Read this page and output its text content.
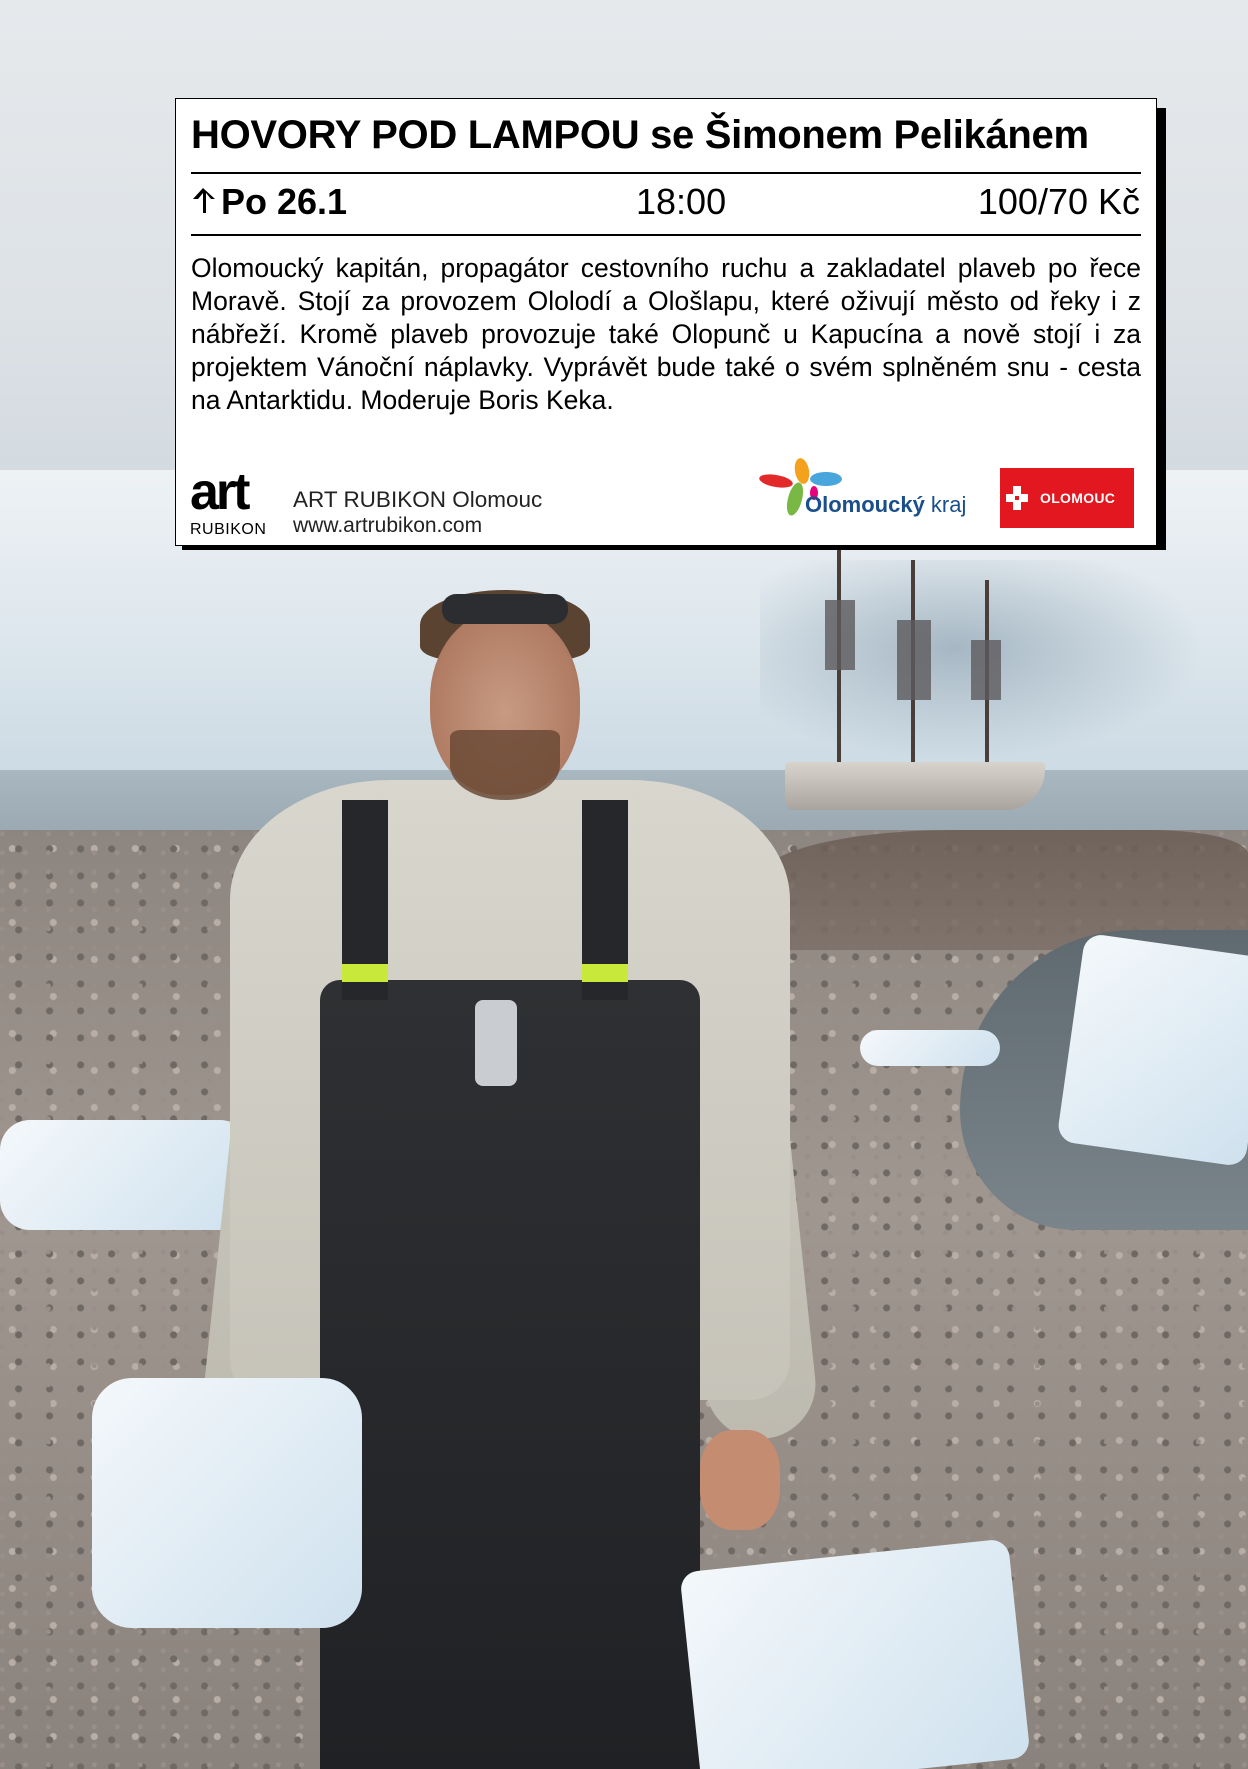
HOVORY POD LAMPOU se Šimonem Pelikánem
Po 26.1	18:00	100/70 Kč
Olomoucký kapitán, propagátor cestovního ruchu a zakladatel plaveb po řece Moravě. Stojí za provozem Ololodí a Ološlapu, které oživují město od řeky i z nábřeží. Kromě plaveb provozuje také Olopunč u Kapucína a nově stojí i za projektem Vánoční náplavky. Vyprávět bude také o svém splněném snu - cesta na Antarktidu. Moderuje Boris Keka.
art
RUBIKON
ART RUBIKON Olomouc
www.artrubikon.com
Olomoucký kraj	OLOMOUC
